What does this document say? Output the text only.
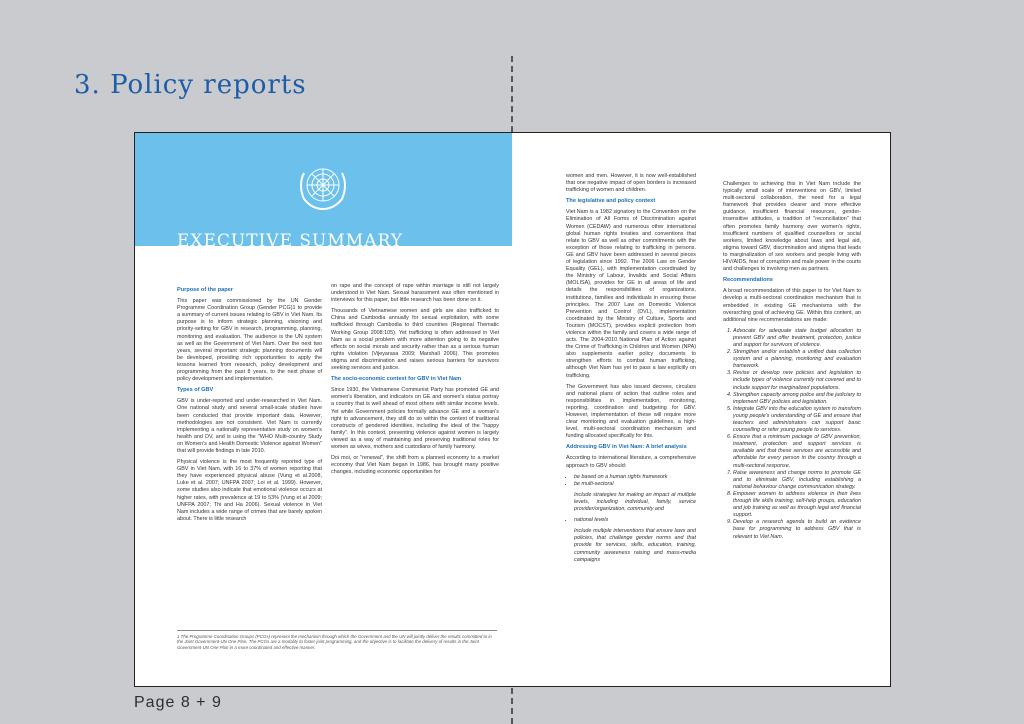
3. Policy reports
EXECUTIVE SUMMARY
Purpose of the paper

This paper was commissioned by the UN Gender Programme Coordination Group (Gender PCG)1 to provide a summary of current issues relating to GBV in Viet Nam. Its purpose is to inform strategic planning, visioning and priority-setting for GBV in research, programming, planning, monitoring and evaluation. The audience is the UN system as well as the Government of Viet Nam. Over the next two years, several important strategic planning documents will be developed, providing rich opportunities to apply the lessons learned from research, policy development and programming from the past 8 years, to the next phase of policy development and implementation.

Types of GBV

GBV is under-reported and under-researched in Viet Nam. One national study and several small-scale studies have been conducted that provide important data. However, methodologies are not consistent. Viet Nam is currently implementing a nationally representative study on women's health and DV, and is using the "WHO Multi-country Study on Women's and Health Domestic Violence against Women" that will provide findings in late 2010.

Physical violence is the most frequently reported type of GBV in Viet Nam, with 16 to 37% of women reporting that they have experienced physical abuse (Vung et al.2008, Luke et al. 2007; UNFPA 2007; Loi et al. 1999). However, some studies also indicate that emotional violence occurs at higher rates, with prevalence at 19 to 53% (Vung et al 2009; UNFPA 2007; Thi and Ha 2006). Sexual violence in Viet Nam includes a wide range of crimes that are barely spoken about. There is little research

on rape and the concept of rape within marriage is still not largely understood in Viet Nam. Sexual harassment was often mentioned in interviews for this paper, but little research has been done on it.

Thousands of Vietnamese women and girls are also trafficked to China and Cambodia annually for sexual exploitation, with some trafficked through Cambodia to third countries (Regional Thematic Working Group 2008:105). Yet trafficking is often addressed in Viet Nam as a social problem with more attention going to its negative effects on social morals and security rather than as a serious human rights violation (Vijeyarasa 2009; Marshall 2006). This promotes stigma and discrimination and raises serious barriers for survivors seeking services and justice.

The socio-economic context for GBV in Viet Nam

Since 1930, the Vietnamese Communist Party has promoted GE and women's liberation, and indicators on GE and women's status portray a country that is well ahead of most others with similar income levels. Yet while Government policies formally advance GE and a woman's right to advancement, they still do so within the context of traditional constructs of gendered identities, including the ideal of the "happy family". In this context, preventing violence against women is largely viewed as a way of maintaining and preserving traditional roles for women as wives, mothers and custodians of family harmony.

Doi moi, or "renewal", the shift from a planned economy to a market economy that Viet Nam began in 1986, has brought many positive changes, including economic opportunities for

1 The Programme Coordination Groups (PCGs) represent the mechanism through which the Government and the UN will jointly deliver the results committed to in the Joint Government-UN One Plan. The PCGs are a modality to foster joint programming, and the objective is to facilitate the delivery of results in the Joint Government-UN One Plan in a more coordinated and effective manner.

women and men. However, it is now well-established that one negative impact of open borders is increased trafficking of women and children.

The legislative and policy context

Viet Nam is a 1982 signatory to the Convention on the Elimination of All Forms of Discrimination against Women (CEDAW) and numerous other international global human rights treaties and conventions that relate to GBV as well as other commitments with the exception of those relating to trafficking in persons. GE and GBV have been addressed in several pieces of legislation since 1992. The 2006 Law on Gender Equality (GEL), with implementation coordinated by the Ministry of Labour, Invalids and Social Affairs (MOLISA), provides for GE in all areas of life and details the responsibilities of organizations, institutions, families and individuals in ensuring these principles. The 2007 Law on Domestic Violence Prevention and Control (DVL), implementation coordinated by the Ministry of Culture, Sports and Tourism (MOCST), provides explicit protection from violence within the family and covers a wide range of acts. The 2004-2010 National Plan of Action against the Crime of Trafficking in Children and Women (NPA) also supplements earlier policy documents to strengthen efforts to combat human trafficking, although Viet Nam has yet to pass a law explicitly on trafficking.

The Government has also issued decrees, circulars and national plans of action that outline roles and responsibilities in implementation, monitoring, reporting, coordination and budgeting for GBV. However, implementation of these will require more clear monitoring and evaluation guidelines, a high-level, multi-sectoral coordination mechanism and funding allocated specifically for this.

Addressing GBV in Viet Nam: A brief analysis

According to international literature, a comprehensive approach to GBV should:

• be based on a human rights framework
• be multi-sectoral

Include strategies for making an impact at multiple levels, including individual, family, service provider/organization, community and

• national levels

Include multiple interventions that ensure laws and policies, that challenge gender norms and that provide for services, skills, education, training, community awareness raising and mass-media campaigns

Challenges to achieving this in Viet Nam include the typically small scale of interventions on GBV, limited multi-sectoral collaboration, the need for a legal framework that provides clearer and more effective guidance, insufficient financial resources, gender-insensitive attitudes, a tradition of "reconciliation" that often promotes family harmony over women's rights, insufficient numbers of qualified counsellors or social workers, limited knowledge about laws and legal aid, stigma toward GBV, discrimination and stigma that leads to marginalization of sex workers and people living with HIV/AIDS, fear of corruption and male power in the courts and challenges to involving men as partners.

Recommendations

A broad recommendation of this paper is for Viet Nam to develop a multi-sectoral coordination mechanism that is embedded in existing GE mechanisms with the overarching goal of achieving GE. Within this content, an additional nine recommendations are made:

1. Advocate for adequate state budget allocation to prevent GBV and offer treatment, protection, justice and support for survivors of violence.
2. Strengthen and/or establish a unified data collection system and a planning, monitoring and evaluation framework.
3. Revise or develop new policies and legislation to include types of violence currently not covered and to include support for marginalized populations.
4. Strengthen capacity among police and the judiciary to implement GBV policies and legislation.
5. Integrate GBV into the education system to transform young people's understanding of GE and ensure that teachers and administrators can support basic counselling or refer young people to services.
6. Ensure that a minimum package of GBV prevention, treatment, protection and support services is available and that these services are accessible and affordable for every person in the country through a multi-sectoral response.
7. Raise awareness and change norms to promote GE and to eliminate GBV, including establishing a national behaviour change communication strategy.
8. Empower women to address violence in their lives through life skills training, self-help groups, education and job training as well as through legal and financial support.
9. Develop a research agenda to build an evidence base for programming to address GBV that is relevant to Viet Nam.
Page 8 + 9
